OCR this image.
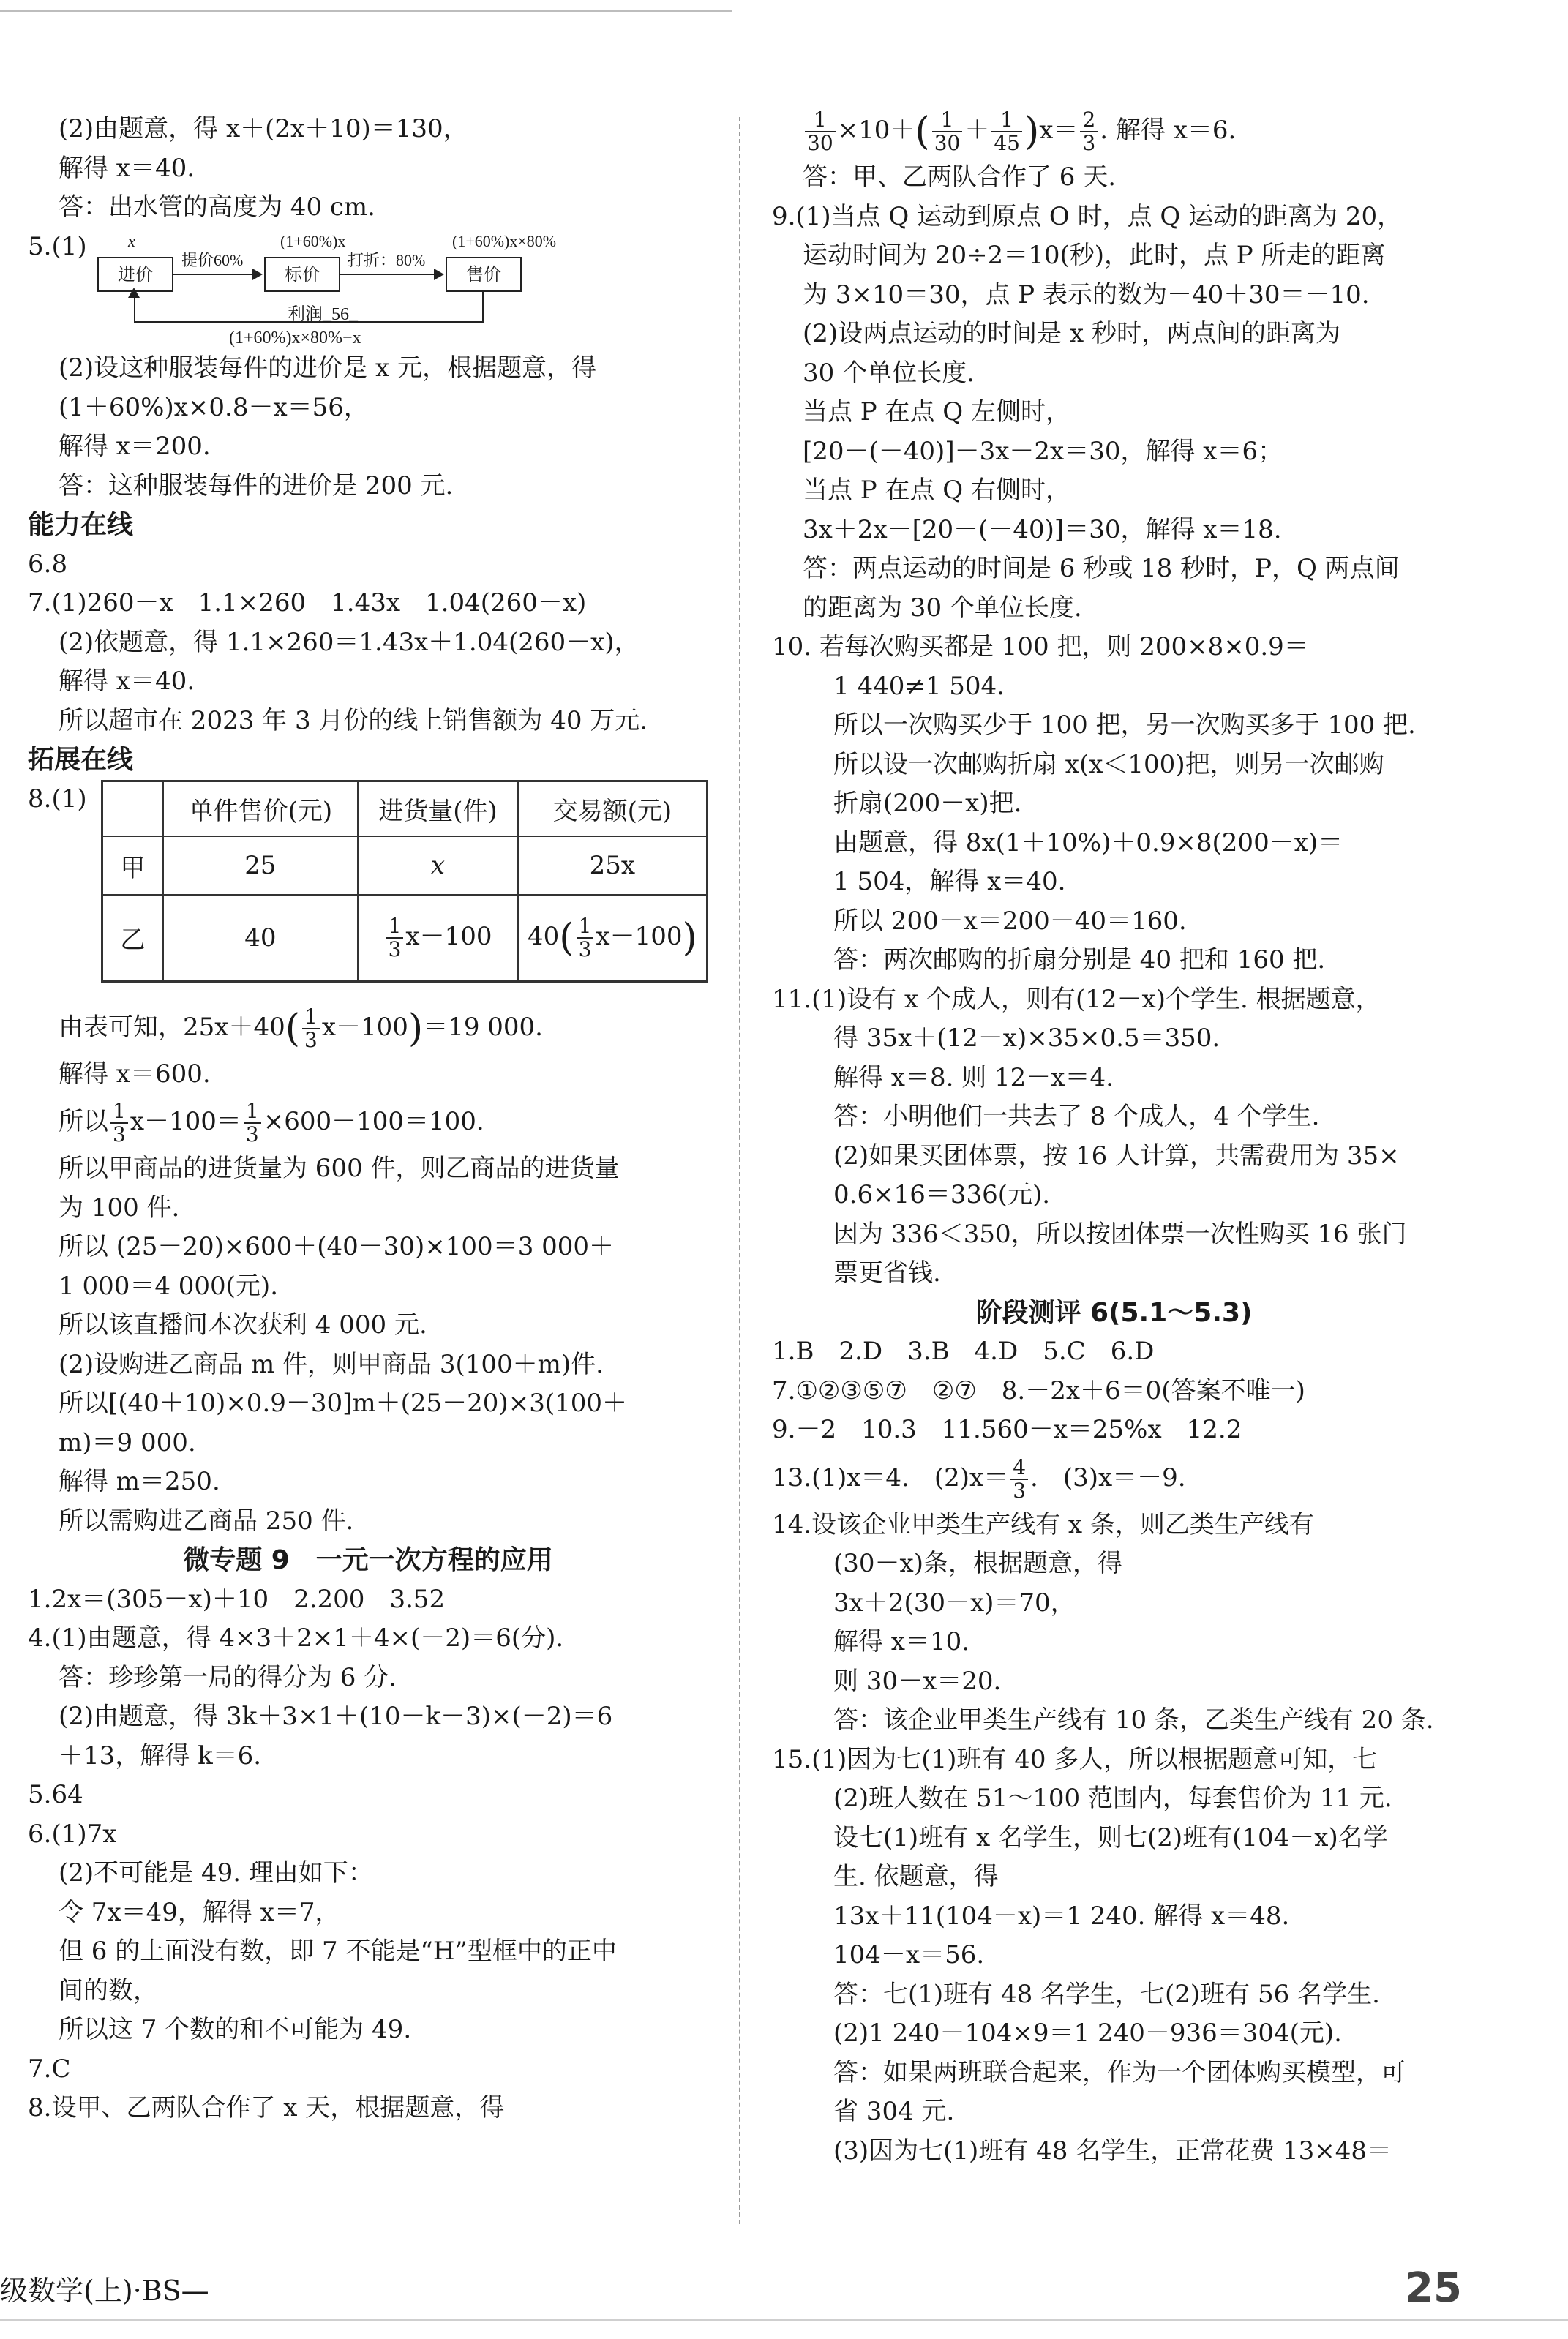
(2)由题意，得 x＋(2x＋10)＝130，
解得 x＝40.
答：出水管的高度为 40 cm.
5.(1)	x	(1+60%)x	(1+60%)x×80%
进价
提价60%
标价
打折：80%
售价
利润_56_
(1+60%)x×80%−x
(2)设这种服装每件的进价是 x 元，根据题意，得
(1＋60%)x×0.8－x＝56，
解得 x＝200.
答：这种服装每件的进价是 200 元.
能力在线
6.8
7.(1)260－x　1.1×260　1.43x　1.04(260－x)
(2)依题意，得 1.1×260＝1.43x＋1.04(260－x)，
解得 x＝40.
所以超市在 2023 年 3 月份的线上销售额为 40 万元.
拓展在线
8.(1)
		单件售价(元)	进货量(件)	交易额(元)
甲	25	x	25x
乙	40	$\frac{1}{3} x-100$	$40( \frac{1}{3} x-100)$
由表可知，$25x+40( \frac{1}{3} x-100)=19$ 000.
解得 x＝600.
所以 $\frac{1}{3} x-100= \frac{1}{3} \times 600-100=100$.
所以甲商品的进货量为 600 件，则乙商品的进货量
为 100 件.
所以 (25－20)×600＋(40－30)×100＝3 000＋
1 000＝4 000(元).
所以该直播间本次获利 4 000 元.
(2)设购进乙商品 m 件，则甲商品 3(100＋m)件.
所以[(40＋10)×0.9－30]m＋(25－20)×3(100＋
m)＝9 000.
解得 m＝250.
所以需购进乙商品 250 件.
微专题 9　一元一次方程的应用
1.2x＝(305－x)＋10　2.200　3.52
4.(1)由题意，得 4×3＋2×1＋4×(－2)＝6(分).
答：珍珍第一局的得分为 6 分.
(2)由题意，得 3k＋3×1＋(10－k－3)×(－2)＝6
＋13，解得 k＝6.
5.64
6.(1)7x
(2)不可能是 49. 理由如下：
令 7x＝49，解得 x＝7，
但 6 的上面没有数，即 7 不能是“H”型框中的正中
间的数，
所以这 7 个数的和不可能为 49.
7.C
8.设甲、乙两队合作了 x 天，根据题意，得
$\frac{1}{30} \times 10+( \frac{1}{30} + \frac{1}{45} )x= \frac{2}{3}$ . 解得 x＝6.
答：甲、乙两队合作了 6 天.
9.(1)当点 Q 运动到原点 O 时，点 Q 运动的距离为 20，
运动时间为 20÷2＝10(秒)，此时，点 P 所走的距离
为 3×10＝30，点 P 表示的数为－40＋30＝－10.
(2)设两点运动的时间是 x 秒时，两点间的距离为
30 个单位长度.
当点 P 在点 Q 左侧时，
[20－(－40)]－3x－2x＝30，解得 x＝6；
当点 P 在点 Q 右侧时，
3x＋2x－[20－(－40)]＝30，解得 x＝18.
答：两点运动的时间是 6 秒或 18 秒时，P，Q 两点间
的距离为 30 个单位长度.
10. 若每次购买都是 100 把，则 200×8×0.9＝
1 440≠1 504.
所以一次购买少于 100 把，另一次购买多于 100 把.
所以设一次邮购折扇 x(x＜100)把，则另一次邮购
折扇(200－x)把.
由题意，得 8x(1＋10%)＋0.9×8(200－x)＝
1 504，解得 x＝40.
所以 200－x＝200－40＝160.
答：两次邮购的折扇分别是 40 把和 160 把.
11.(1)设有 x 个成人，则有(12－x)个学生. 根据题意，
得 35x＋(12－x)×35×0.5＝350.
解得 x＝8. 则 12－x＝4.
答：小明他们一共去了 8 个成人，4 个学生.
(2)如果买团体票，按 16 人计算，共需费用为 35×
0.6×16＝336(元).
因为 336＜350，所以按团体票一次性购买 16 张门
票更省钱.
阶段测评 6(5.1～5.3)
1.B　2.D　3.B　4.D　5.C　6.D
7.①②③⑤⑦　②⑦　8.－2x＋6＝0(答案不唯一)
9.－2　10.3　11.560－x＝25%x　12.2
13.(1)x＝4.　$(2)x= \frac{4}{3}$ .　(3)x＝－9.
14.设该企业甲类生产线有 x 条，则乙类生产线有
(30－x)条，根据题意，得
3x＋2(30－x)＝70，
解得 x＝10.
则 30－x＝20.
答：该企业甲类生产线有 10 条，乙类生产线有 20 条.
15.(1)因为七(1)班有 40 多人，所以根据题意可知，七
(2)班人数在 51～100 范围内，每套售价为 11 元.
设七(1)班有 x 名学生，则七(2)班有(104－x)名学
生. 依题意，得
13x＋11(104－x)＝1 240. 解得 x＝48.
104－x＝56.
答：七(1)班有 48 名学生，七(2)班有 56 名学生.
(2)1 240－104×9＝1 240－936＝304(元).
答：如果两班联合起来，作为一个团体购买模型，可
省 304 元.
(3)因为七(1)班有 48 名学生，正常花费 13×48＝
级数学(上)·BS—	25
